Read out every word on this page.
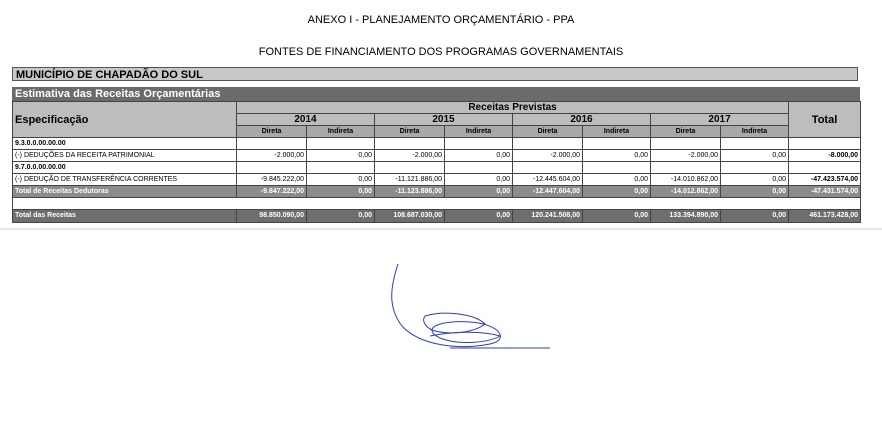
ANEXO I - PLANEJAMENTO ORÇAMENTÁRIO - PPA
FONTES DE FINANCIAMENTO DOS PROGRAMAS GOVERNAMENTAIS
MUNICÍPIO DE CHAPADÃO DO SUL
Estimativa das Receitas Orçamentárias
Especificação	Receitas Previstas								Total
	2014		2015		2016		2017		
	Direta	Indireta	Direta	Indireta	Direta	Indireta	Direta	Indireta	
9.3.0.0.00.00.00									
(-) DEDUÇÕES DA RECEITA PATRIMONIAL	-2.000,00	0,00	-2.000,00	0,00	-2.000,00	0,00	-2.000,00	0,00	-8.000,00
9.7.0.0.00.00.00									
(-) DEDUÇÃO DE TRANSFERÊNCIA CORRENTES	-9.845.222,00	0,00	-11.121.886,00	0,00	-12.445.604,00	0,00	-14.010.862,00	0,00	-47.423.574,00
Total de Receitas Dedutoras	-9.847.222,00	0,00	-11.123.886,00	0,00	-12.447.604,00	0,00	-14.012.862,00	0,00	-47.431.574,00

Total das Receitas	98.850.090,00	0,00	108.687.030,00	0,00	120.241.508,00	0,00	133.394.890,00	0,00	461.173.428,00
